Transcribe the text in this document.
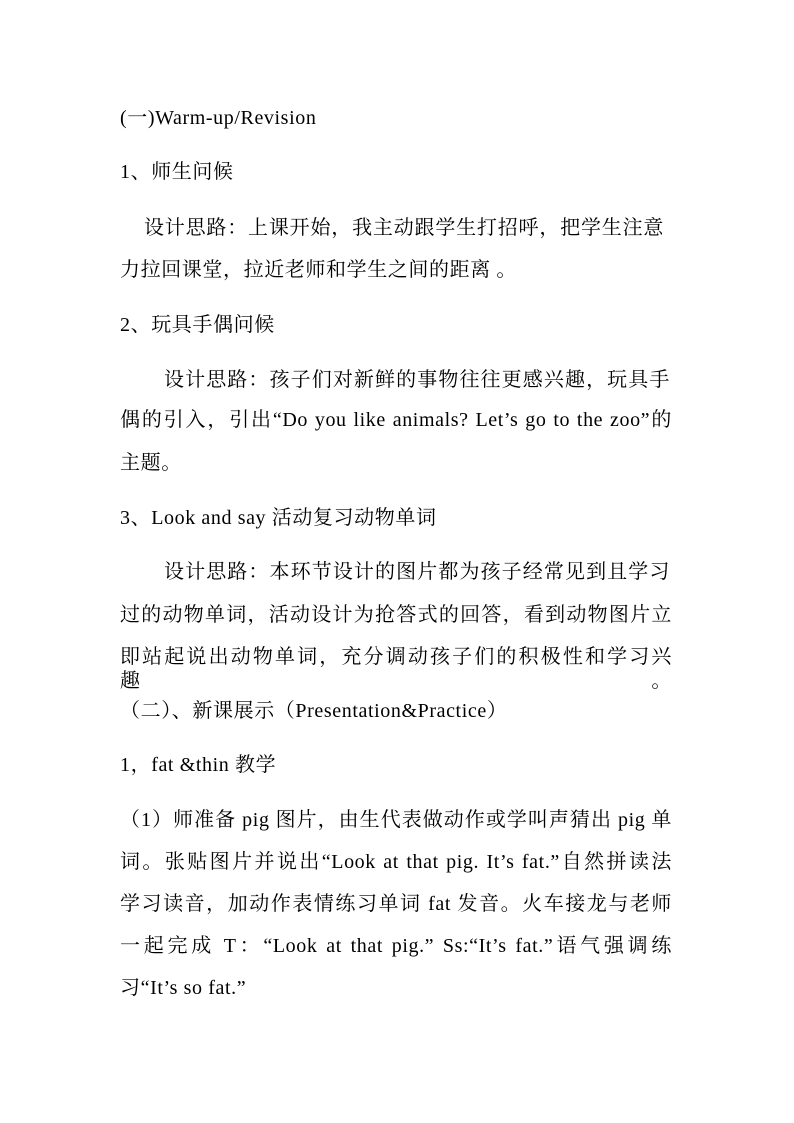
(一)Warm-up/Revision
1、师生问候
设计思路：上课开始，我主动跟学生打招呼，把学生注意
力拉回课堂，拉近老师和学生之间的距离 。
2、玩具手偶问候
设计思路：孩子们对新鲜的事物往往更感兴趣，玩具手
偶的引入，引出“Do you like animals? Let’s go to the zoo”的
主题。
3、Look and say 活动复习动物单词
设计思路：本环节设计的图片都为孩子经常见到且学习
过的动物单词，活动设计为抢答式的回答，看到动物图片立
即站起说出动物单词，充分调动孩子们的积极性和学习兴趣。
（二）、新课展示（Presentation&Practice）
1，fat &thin 教学
（1）师准备 pig 图片，由生代表做动作或学叫声猜出 pig 单
词。张贴图片并说出“Look at that pig. It’s fat.”自然拼读法
学习读音，加动作表情练习单词 fat 发音。火车接龙与老师
一起完成 T：“Look at that pig.” Ss:“It’s fat.”语气强调练
习“It’s so fat.”
